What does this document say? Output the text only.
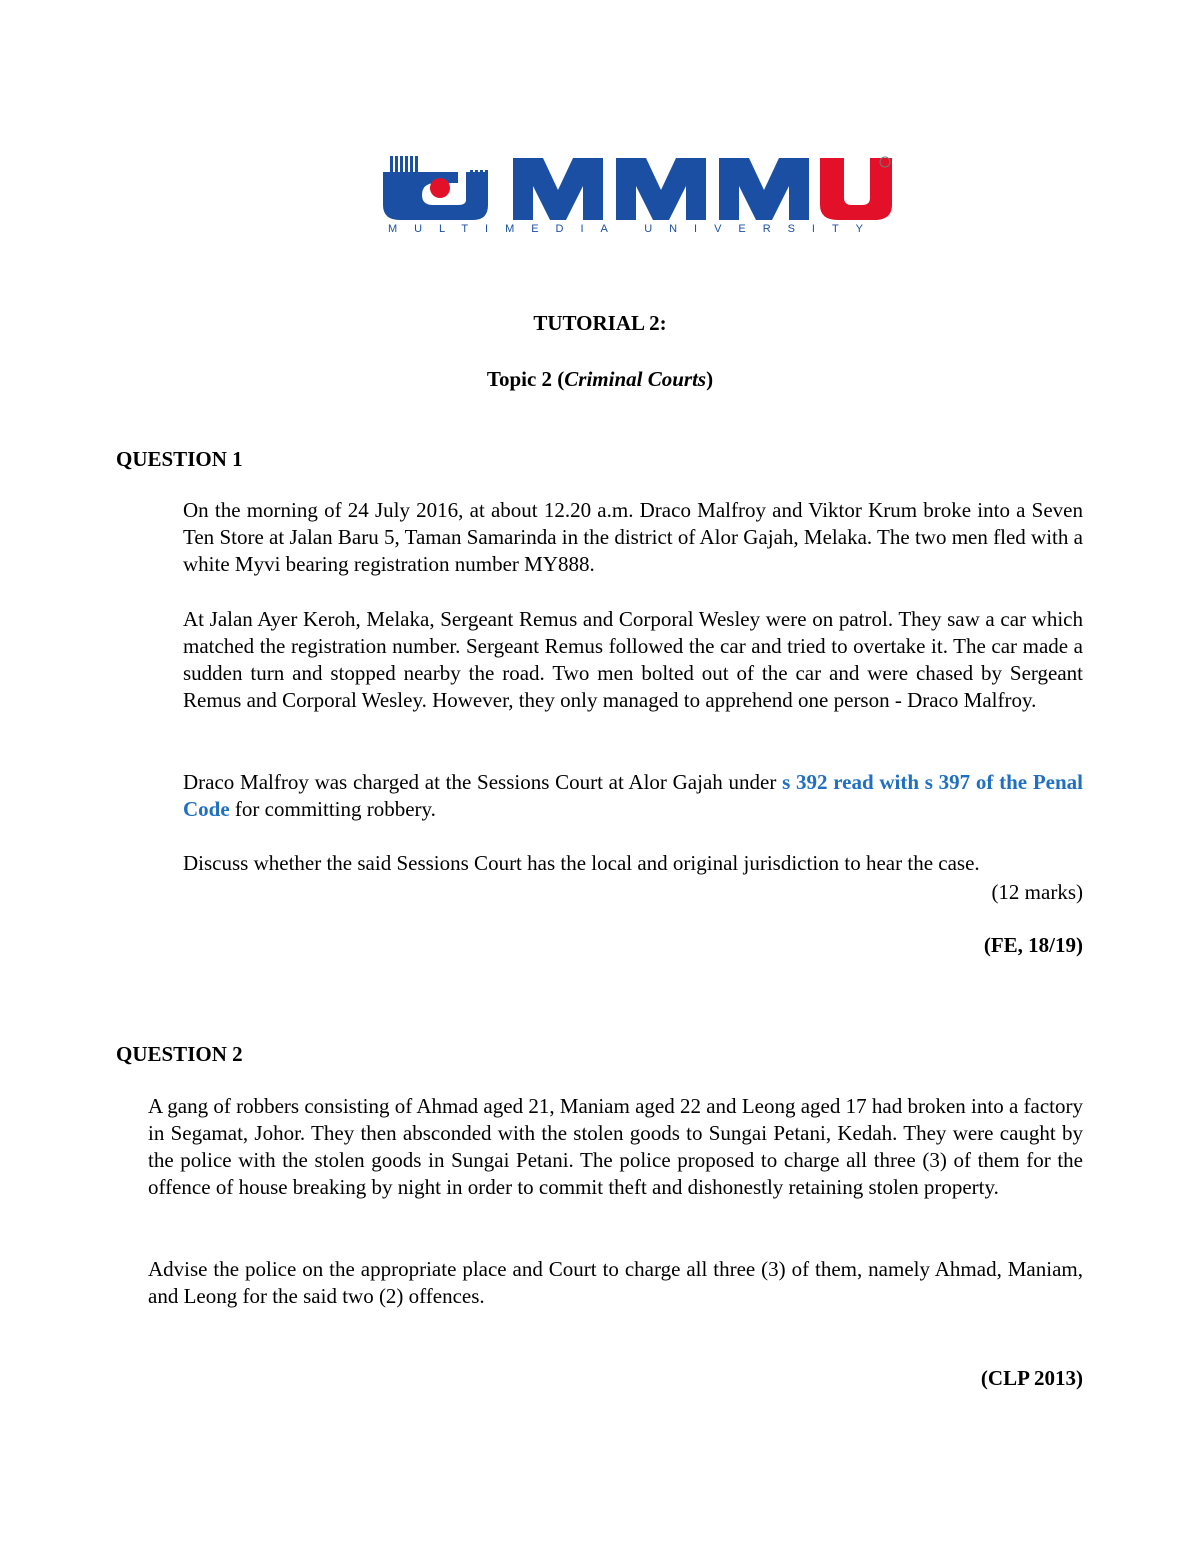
MULTIMEDIA UNIVERSITY
TUTORIAL 2:
Topic 2 (Criminal Courts)
QUESTION 1

On the morning of 24 July 2016, at about 12.20 a.m. Draco Malfroy and Viktor Krum broke into a Seven Ten Store at Jalan Baru 5, Taman Samarinda in the district of Alor Gajah, Melaka. The two men fled with a white Myvi bearing registration number MY888.

At Jalan Ayer Keroh, Melaka, Sergeant Remus and Corporal Wesley were on patrol. They saw a car which matched the registration number. Sergeant Remus followed the car and tried to overtake it. The car made a sudden turn and stopped nearby the road. Two men bolted out of the car and were chased by Sergeant Remus and Corporal Wesley. However, they only managed to apprehend one person - Draco Malfroy.

Draco Malfroy was charged at the Sessions Court at Alor Gajah under s 392 read with s 397 of the Penal Code for committing robbery.

Discuss whether the said Sessions Court has the local and original jurisdiction to hear the case.

(12 marks)
(FE, 18/19)
QUESTION 2

A gang of robbers consisting of Ahmad aged 21, Maniam aged 22 and Leong aged 17 had broken into a factory in Segamat, Johor. They then absconded with the stolen goods to Sungai Petani, Kedah. They were caught by the police with the stolen goods in Sungai Petani. The police proposed to charge all three (3) of them for the offence of house breaking by night in order to commit theft and dishonestly retaining stolen property.

Advise the police on the appropriate place and Court to charge all three (3) of them, namely Ahmad, Maniam, and Leong for the said two (2) offences.

(CLP 2013)
